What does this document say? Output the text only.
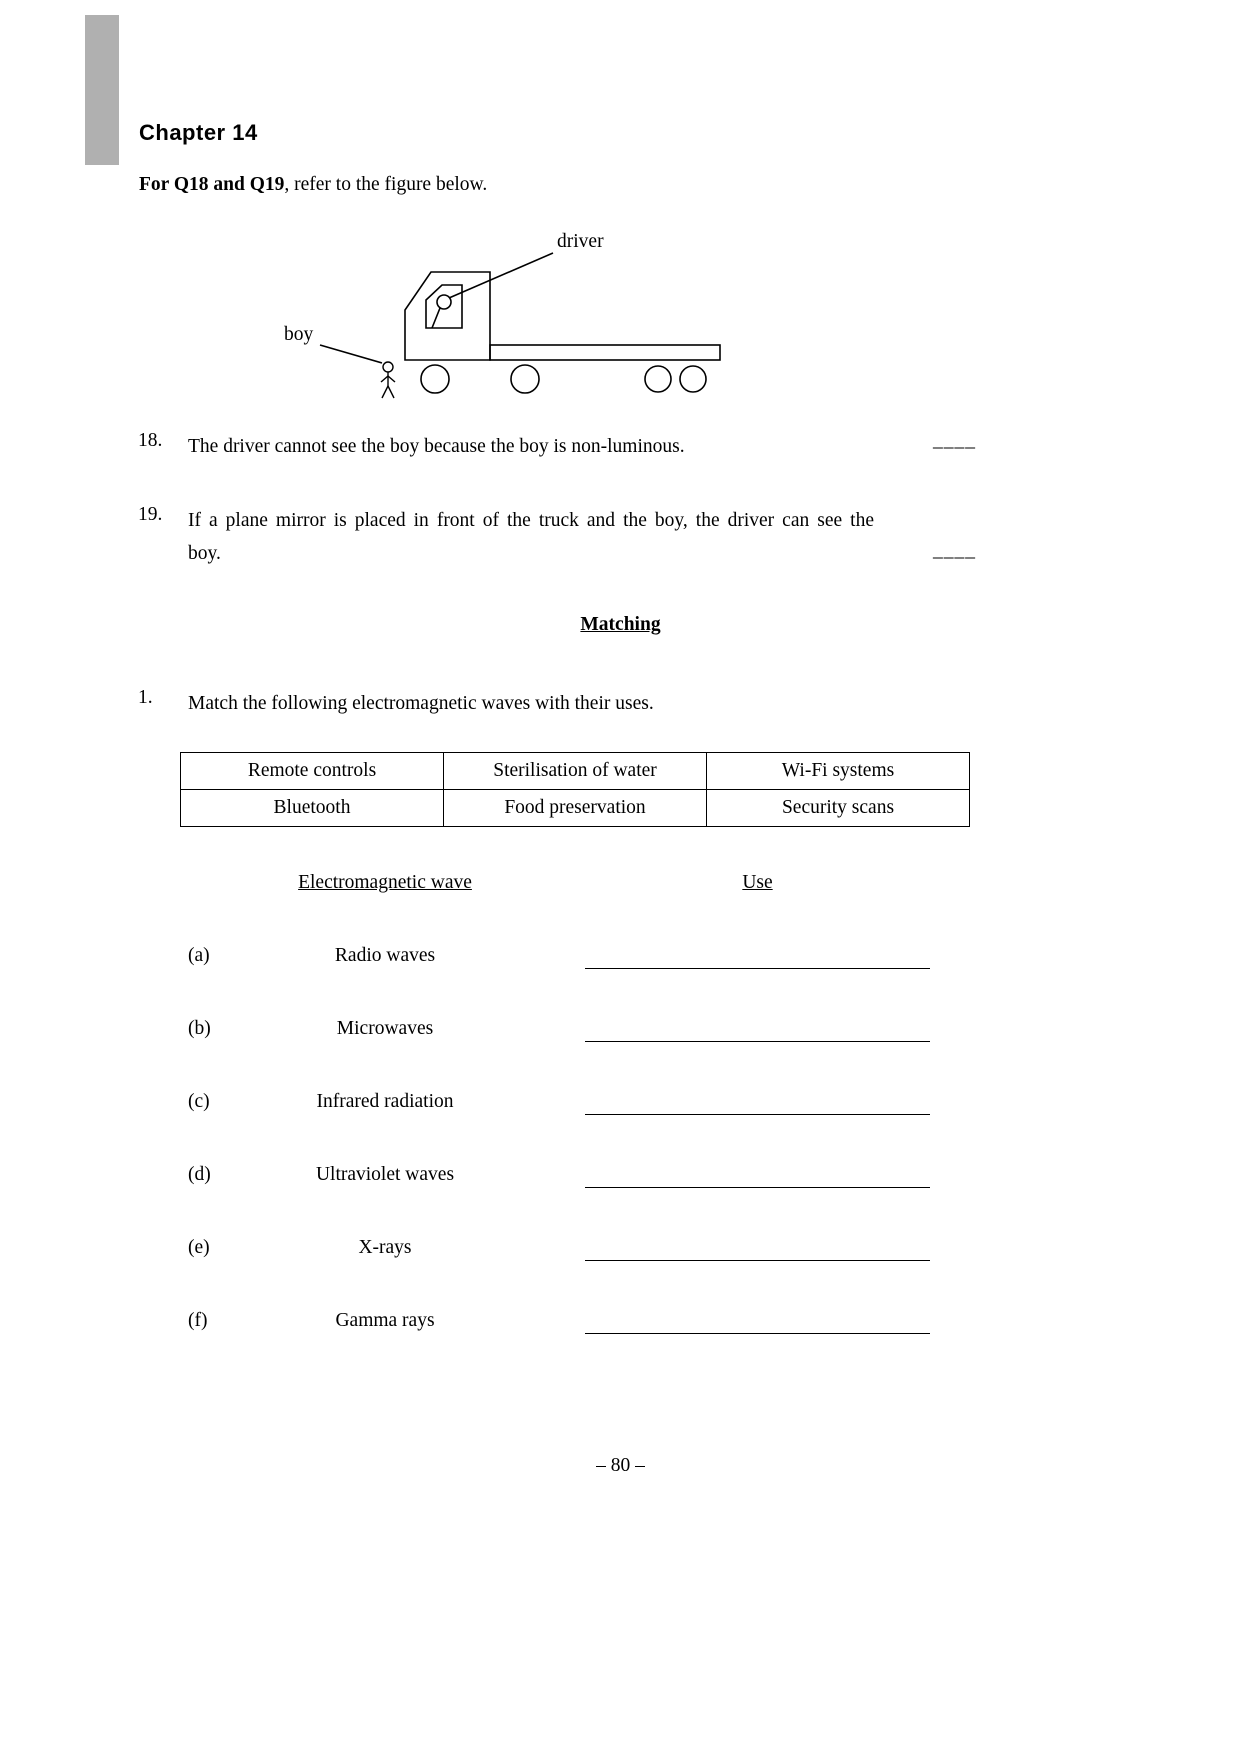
Chapter 14
For Q18 and Q19, refer to the figure below.
driver
boy
18. The driver cannot see the boy because the boy is non-luminous.	____
19. If a plane mirror is placed in front of the truck and the boy, the driver can see the
boy.	____
Matching
1. Match the following electromagnetic waves with their uses.
Remote controls	Sterilisation of water	Wi-Fi systems
Bluetooth	Food preservation	Security scans
Electromagnetic wave	Use
(a)	Radio waves
(b)	Microwaves
(c)	Infrared radiation
(d)	Ultraviolet waves
(e)	X-rays
(f)	Gamma rays
– 80 –
